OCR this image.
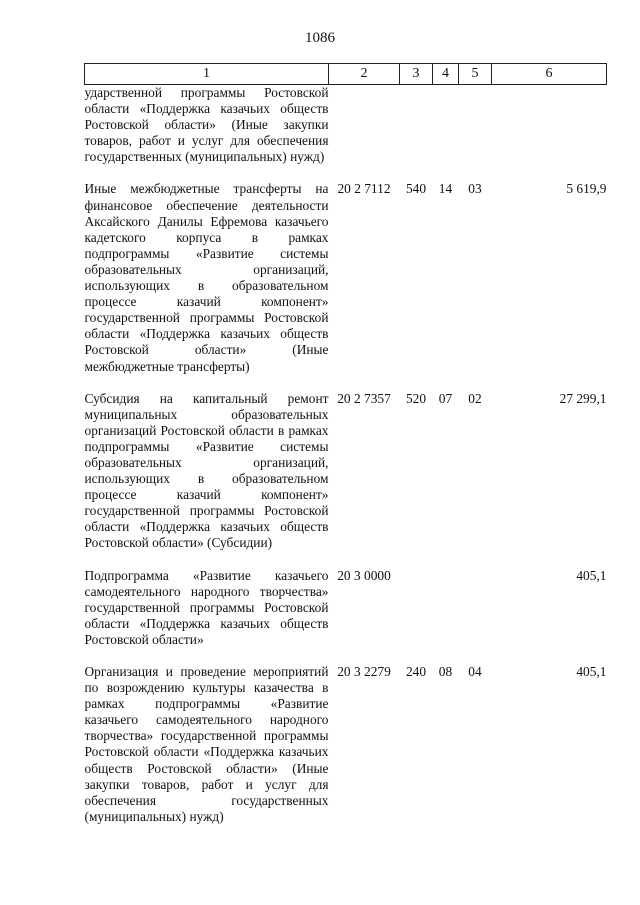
1086
1	2	3	4	5	6
ударственной программы Ростовской области «Поддержка казачьих обществ Ростовской области» (Иные закупки товаров, работ и услуг для обеспечения государственных (муниципальных) нужд)					
Иные межбюджетные трансферты на финансовое обеспечение деятельности Аксайского Данилы Ефремова казачьего кадетского корпуса в рамках подпрограммы «Развитие системы образовательных организаций, использующих в образовательном процессе казачий компонент» государственной программы Ростовской области «Поддержка казачьих обществ Ростовской области» (Иные межбюджетные трансферты)	20 2 7112	540	14	03	5 619,9
Субсидия на капитальный ремонт муниципальных образовательных организаций Ростовской области в рамках подпрограммы «Развитие системы образовательных организаций, использующих в образовательном процессе казачий компонент» государственной программы Ростовской области «Поддержка казачьих обществ Ростовской области» (Субсидии)	20 2 7357	520	07	02	27 299,1
Подпрограмма «Развитие казачьего самодеятельного народного творчества» государственной программы Ростовской области «Поддержка казачьих обществ Ростовской области»	20 3 0000				405,1
Организация и проведение мероприятий по возрождению культуры казачества в рамках подпрограммы «Развитие казачьего самодеятельного народного творчества» государственной программы Ростовской области «Поддержка казачьих обществ Ростовской области» (Иные закупки товаров, работ и услуг для обеспечения государственных (муниципальных) нужд)	20 3 2279	240	08	04	405,1
